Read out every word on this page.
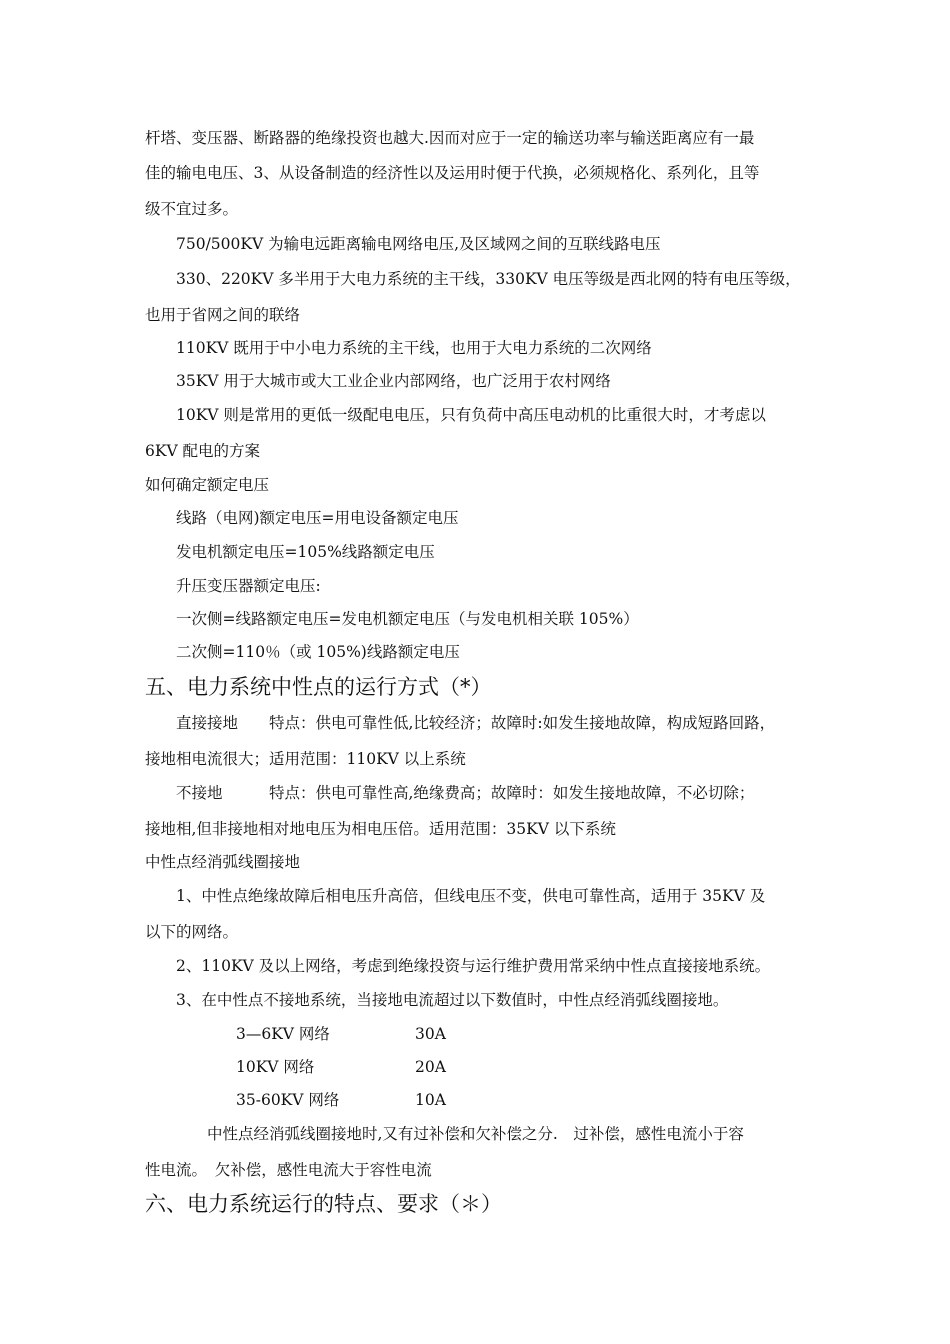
杆塔、变压器、断路器的绝缘投资也越大.因而对应于一定的输送功率与输送距离应有一最
佳的输电电压、3、从设备制造的经济性以及运用时便于代换，必须规格化、系列化，且等
级不宜过多。
750/500KV 为输电远距离输电网络电压,及区域网之间的互联线路电压
330、220KV 多半用于大电力系统的主干线，330KV 电压等级是西北网的特有电压等级，
也用于省网之间的联络
110KV 既用于中小电力系统的主干线，也用于大电力系统的二次网络
35KV 用于大城市或大工业企业内部网络，也广泛用于农村网络
10KV 则是常用的更低一级配电电压，只有负荷中高压电动机的比重很大时，才考虑以
6KV 配电的方案
如何确定额定电压
线路（电网)额定电压=用电设备额定电压
发电机额定电压=105%线路额定电压
升压变压器额定电压:
一次侧=线路额定电压=发电机额定电压（与发电机相关联 105%）
二次侧=110％（或 105%)线路额定电压
五、电力系统中性点的运行方式（*）
直接接地　　特点：供电可靠性低,比较经济；故障时:如发生接地故障，构成短路回路，
接地相电流很大；适用范围：110KV 以上系统
不接地　　　特点：供电可靠性高,绝缘费高；故障时：如发生接地故障，不必切除；
接地相,但非接地相对地电压为相电压倍。适用范围：35KV 以下系统
中性点经消弧线圈接地
1、中性点绝缘故障后相电压升高倍，但线电压不变，供电可靠性高，适用于 35KV 及
以下的网络。
2、110KV 及以上网络，考虑到绝缘投资与运行维护费用常采纳中性点直接接地系统。
3、在中性点不接地系统，当接地电流超过以下数值时，中性点经消弧线圈接地。
3—6KV 网络	30A
10KV 网络	20A
35-60KV 网络	10A
中性点经消弧线圈接地时,又有过补偿和欠补偿之分.　过补偿，感性电流小于容
性电流。　欠补偿，感性电流大于容性电流
六、电力系统运行的特点、要求（＊）
